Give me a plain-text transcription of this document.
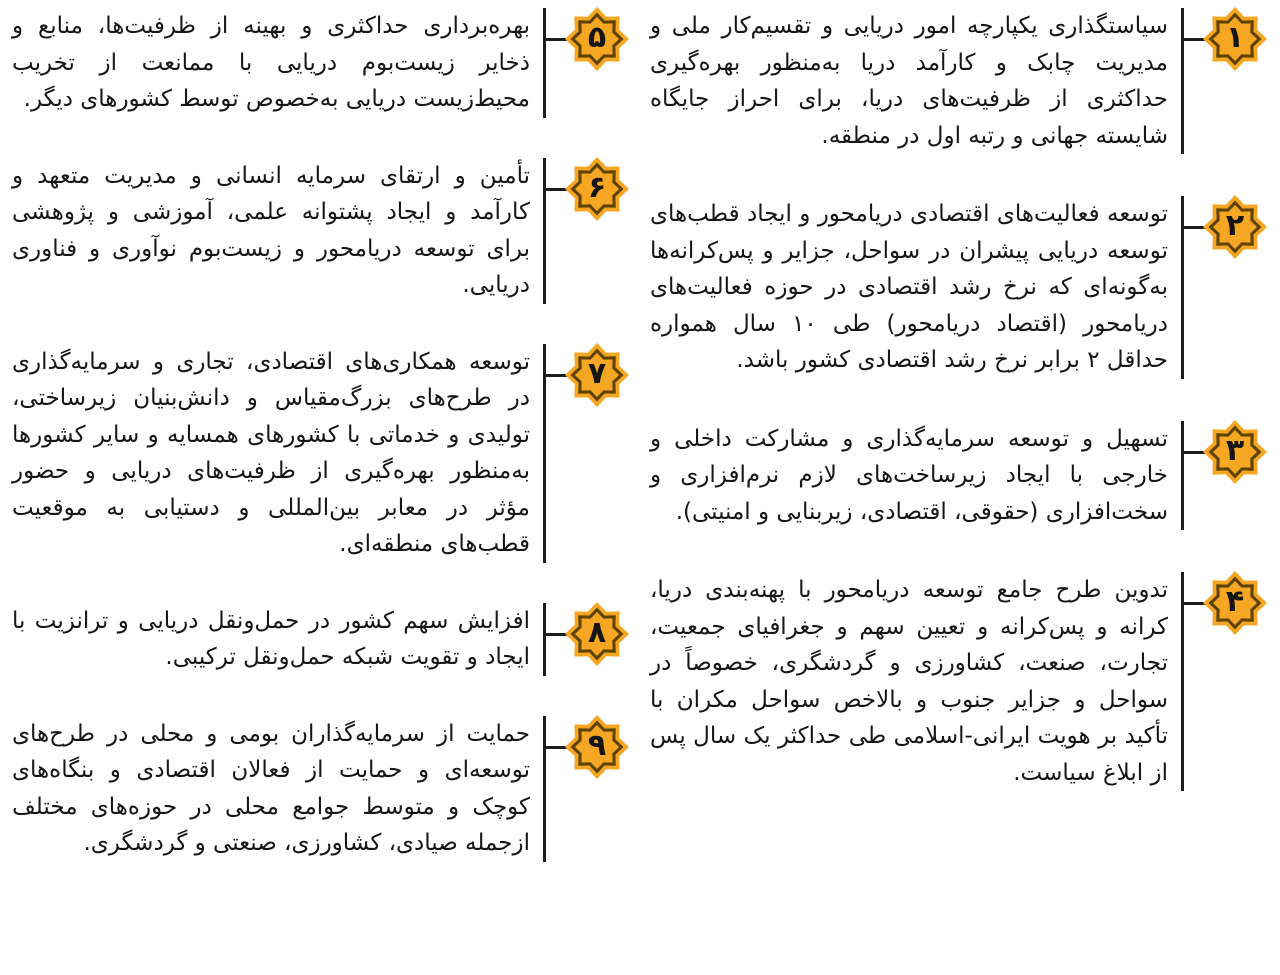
۱

سیاستگذاری یکپارچه امور دریایی و تقسیم‌کار ملی و مدیریت چابک و کارآمد دریا به‌منظور بهره‌گیری حداکثری از ظرفیت‌های دریا، برای احراز جایگاه شایسته جهانی و رتبه اول در منطقه.

۲

توسعه فعالیت‌های اقتصادی دریامحور و ایجاد قطب‌های توسعه دریایی پیشران در سواحل، جزایر و پس‌کرانه‌ها به‌گونه‌ای که نرخ رشد اقتصادی در حوزه فعالیت‌های دریامحور (اقتصاد دریامحور) طی ۱۰ سال همواره حداقل ۲ برابر نرخ رشد اقتصادی کشور باشد.

۳

تسهیل و توسعه سرمایه‌گذاری و مشارکت داخلی و خارجی با ایجاد زیرساخت‌های لازم نرم‌افزاری و سخت‌افزاری (حقوقی، اقتصادی، زیربنایی و امنیتی).

۴

تدوین طرح جامع توسعه دریامحور با پهنه‌بندی دریا، کرانه و پس‌کرانه و تعیین سهم و جغرافیای جمعیت، تجارت، صنعت، کشاورزی و گردشگری، خصوصاً در سواحل و جزایر جنوب و بالاخص سواحل مکران با تأکید بر هویت ایرانی-اسلامی طی حداکثر یک سال پس از ابلاغ سیاست.

۵

بهره‌برداری حداکثری و بهینه از ظرفیت‌ها، منابع و ذخایر زیست‌بوم دریایی با ممانعت از تخریب محیط‌زیست دریایی به‌خصوص توسط کشورهای دیگر.

۶

تأمین و ارتقای سرمایه انسانی و مدیریت متعهد و کارآمد و ایجاد پشتوانه علمی، آموزشی و پژوهشی برای توسعه دریامحور و زیست‌بوم نوآوری و فناوری دریایی.

۷

توسعه همکاری‌های اقتصادی، تجاری و سرمایه‌گذاری در طرح‌های بزرگ‌مقیاس و دانش‌بنیان زیرساختی، تولیدی و خدماتی با کشورهای همسایه و سایر کشورها به‌منظور بهره‌گیری از ظرفیت‌های دریایی و حضور مؤثر در معابر بین‌المللی و دستیابی به موقعیت قطب‌های منطقه‌ای.

۸

افزایش سهم کشور در حمل‌ونقل دریایی و ترانزیت با ایجاد و تقویت شبکه حمل‌ونقل ترکیبی.

۹

حمایت از سرمایه‌گذاران بومی و محلی در طرح‌های توسعه‌ای و حمایت از فعالان اقتصادی و بنگاه‌های کوچک و متوسط جوامع محلی در حوزه‌های مختلف ازجمله صیادی، کشاورزی، صنعتی و گردشگری.
